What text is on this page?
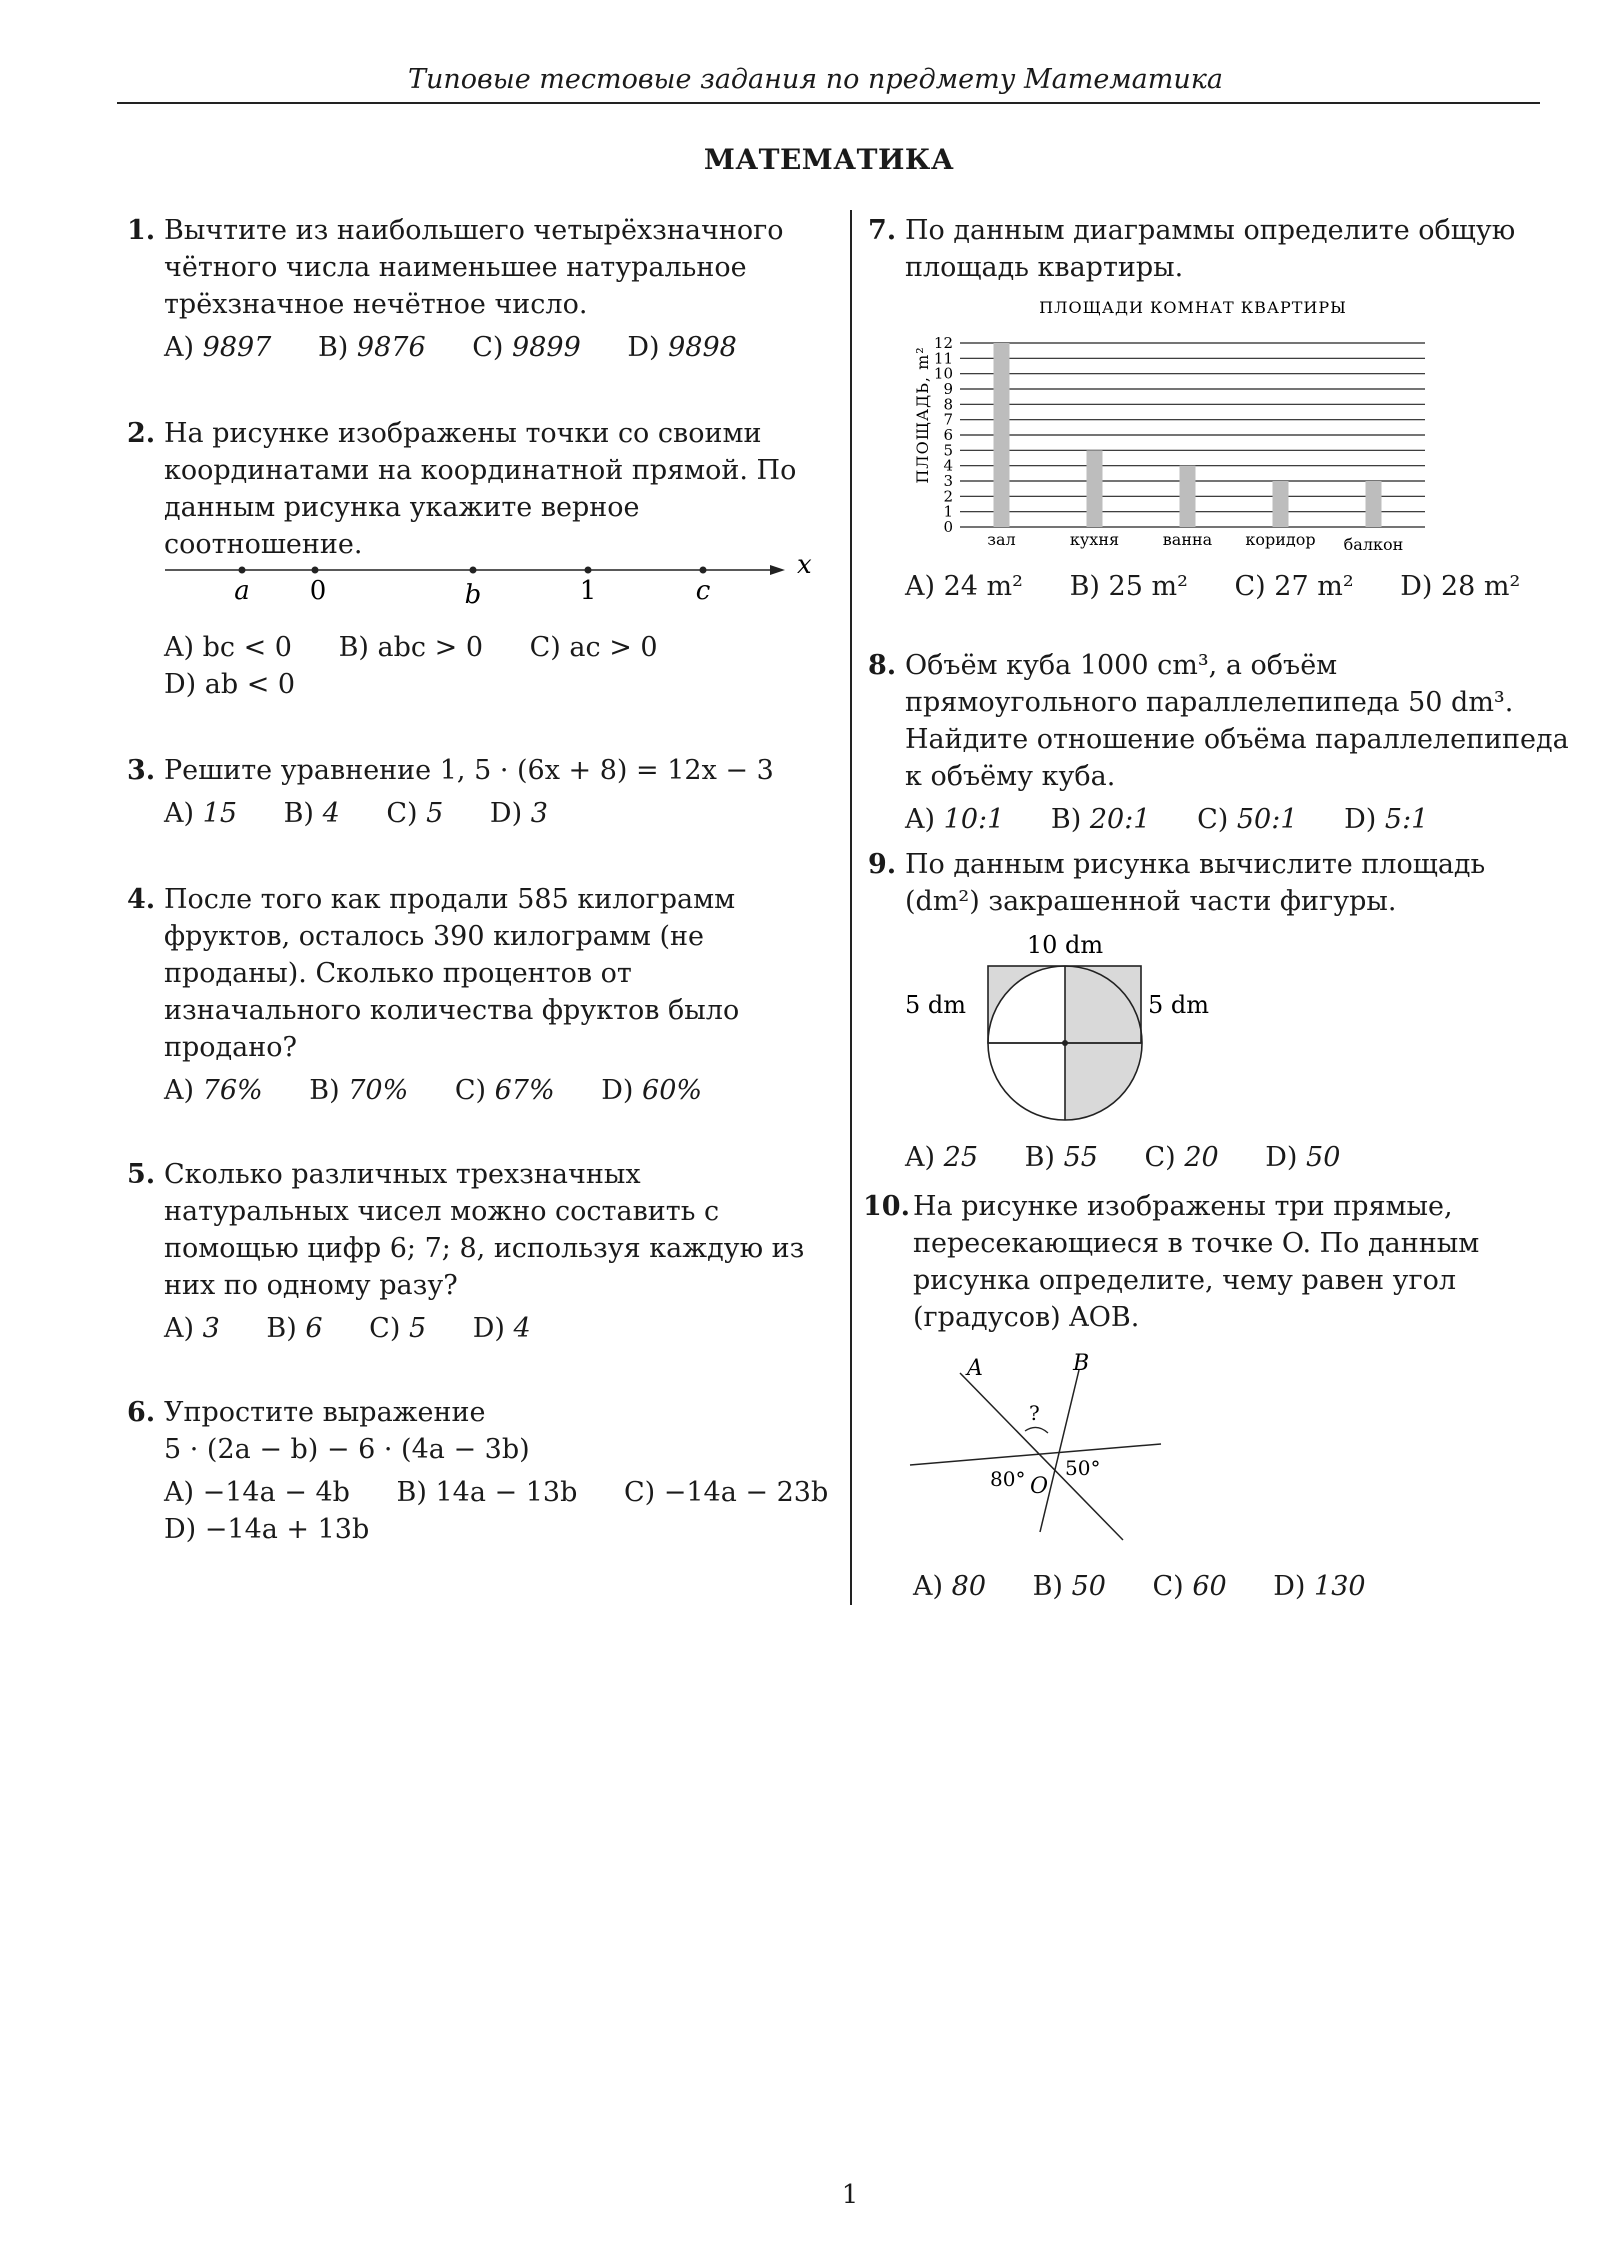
Типовые тестовые задания по предмету Математика
МАТЕМАТИКА
1. Вычтите из наибольшего четырёхзначного
чётного числа наименьшее натуральное
трёхзначное нечётное число.
A) 9897 B) 9876 C) 9899 D) 9898
2. На рисунке изображены точки со своими
координатами на координатной прямой. По
данным рисунка укажите верное
соотношение.
a 0	b	1	c
x
A) bc < 0 B) abc > 0 C) ac > 0
D) ab < 0
3. Решите уравнение 1, 5 · (6x + 8) = 12x − 3
A) 15 B) 4 C) 5 D) 3
4. После того как продали 585 килограмм
фруктов, осталось 390 килограмм (не
проданы). Сколько процентов от
изначального количества фруктов было
продано?
A) 76% B) 70% C) 67% D) 60%
5. Сколько различных трехзначных
натуральных чисел можно составить с
помощью цифр 6; 7; 8, используя каждую из
них по одному разу?
A) 3 B) 6 C) 5 D) 4
6. Упростите выражение
5 · (2a − b) − 6 · (4a − 3b)
A) −14a − 4b B) 14a − 13b C) −14a − 23b
D) −14a + 13b
7. По данным диаграммы определите общую
площадь квартиры.
ПЛОЩАДИ КОМНАТ КВАРТИРЫ
ПЛОЩАДЬ, m²
0
1
2
3
4
5
6
7
8
9
10
11
12
зал	кухня	ванна коридор балкон
A) 24 m² B) 25 m² C) 27 m² D) 28 m²
8. Объём куба 1000 cm³, а объём
прямоугольного параллелепипеда 50 dm³.
Найдите отношение объёма параллелепипеда
к объёму куба.
A) 10:1 B) 20:1 C) 50:1 D) 5:1
9. По данным рисунка вычислите площадь
(dm²) закрашенной части фигуры.
10 dm
5 dm	5 dm
A) 25 B) 55 C) 20 D) 50
10. На рисунке изображены три прямые,
пересекающиеся в точке O. По данным
рисунка определите, чему равен угол
(градусов) AOB.
A	B
?
80° O
50°
A) 80 B) 50 C) 60 D) 130
1
